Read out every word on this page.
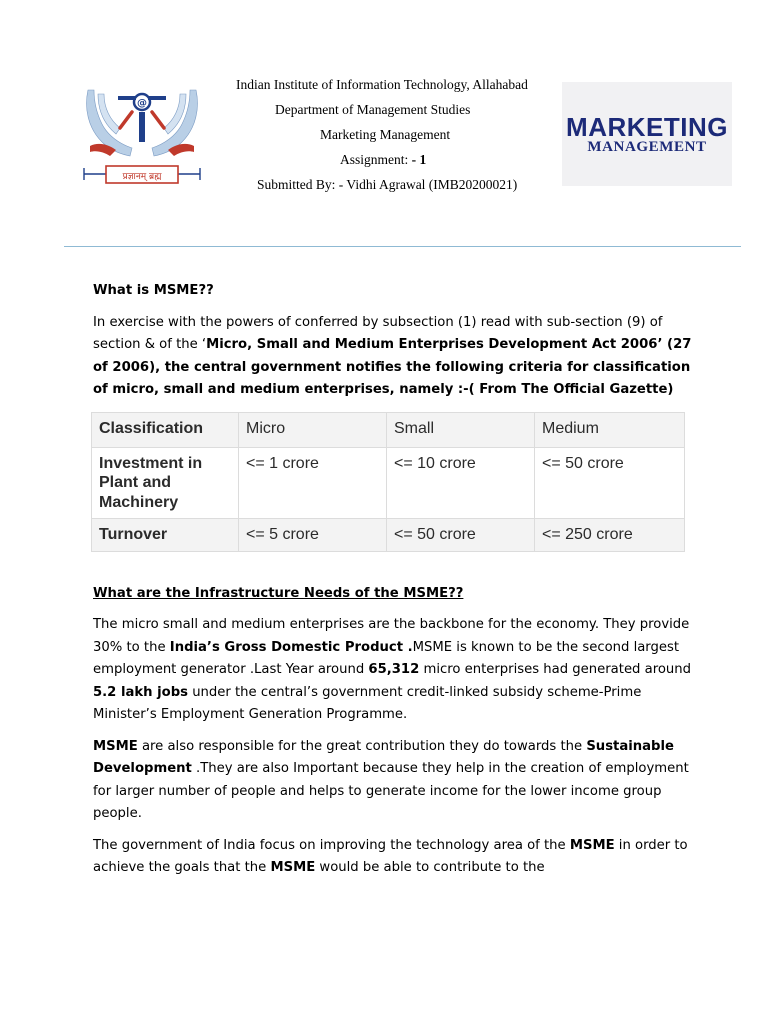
Indian Institute of Information Technology, Allahabad
Department of Management Studies
Marketing Management
Assignment: - 1
Submitted By: - Vidhi Agrawal (IMB20200021)
@
प्रज्ञानम् ब्रह्म
MARKETING
MANAGEMENT

What is MSME??

In exercise with the powers of conferred by subsection (1) read with sub-section (9) of section & of the ‘Micro, Small and Medium Enterprises Development Act 2006’ (27 of 2006), the central government notifies the following criteria for classification of micro, small and medium enterprises, namely :-( From The Official Gazette)

Classification	Micro	Small	Medium
Investment in Plant and Machinery	<= 1 crore	<= 10 crore	<= 50 crore
Turnover	<= 5 crore	<= 50 crore	<= 250 crore

What are the Infrastructure Needs of the MSME??

The micro small and medium enterprises are the backbone for the economy. They provide 30% to the India’s Gross Domestic Product .MSME is known to be the second largest employment generator .Last Year around 65,312 micro enterprises had generated around 5.2 lakh jobs under the central’s government credit-linked subsidy scheme-Prime Minister’s Employment Generation Programme.

MSME are also responsible for the great contribution they do towards the Sustainable Development .They are also Important because they help in the creation of employment for larger number of people and helps to generate income for the lower income group people.

The government of India focus on improving the technology area of the MSME in order to achieve the goals that the MSME would be able to contribute to the
